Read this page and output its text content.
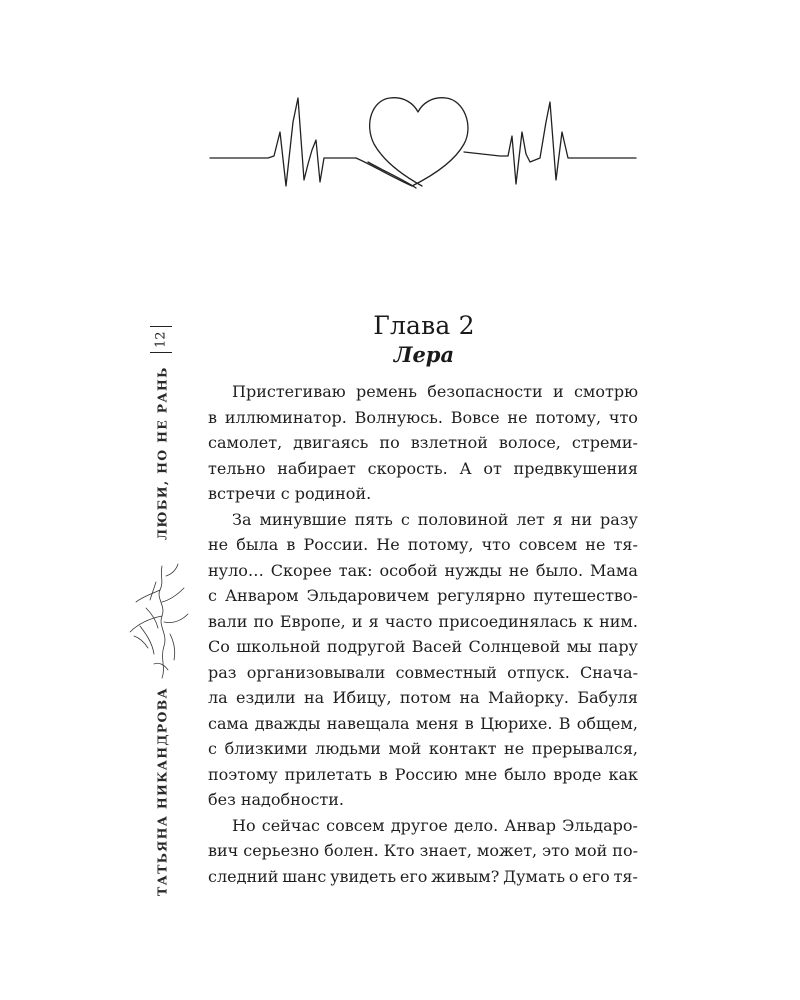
12
ЛЮБИ, НО НЕ РАНЬ
ТАТЬЯНА НИКАНДРОВА
Глава 2
Лера
Пристегиваю ремень безопасности и смотрю
в иллюминатор. Волнуюсь. Вовсе не потому, что
самолет, двигаясь по взлетной волосе, стреми-
тельно набирает скорость. А от предвкушения
встречи с родиной.
За минувшие пять с половиной лет я ни разу
не была в России. Не потому, что совсем не тя-
нуло… Скорее так: особой нужды не было. Мама
с Анваром Эльдаровичем регулярно путешество-
вали по Европе, и я часто присоединялась к ним.
Со школьной подругой Васей Солнцевой мы пару
раз организовывали совместный отпуск. Снача-
ла ездили на Ибицу, потом на Майорку. Бабуля
сама дважды навещала меня в Цюрихе. В общем,
с близкими людьми мой контакт не прерывался,
поэтому прилетать в Россию мне было вроде как
без надобности.
Но сейчас совсем другое дело. Анвар Эльдаро-
вич серьезно болен. Кто знает, может, это мой по-
следний шанс увидеть его живым? Думать о его тя-
